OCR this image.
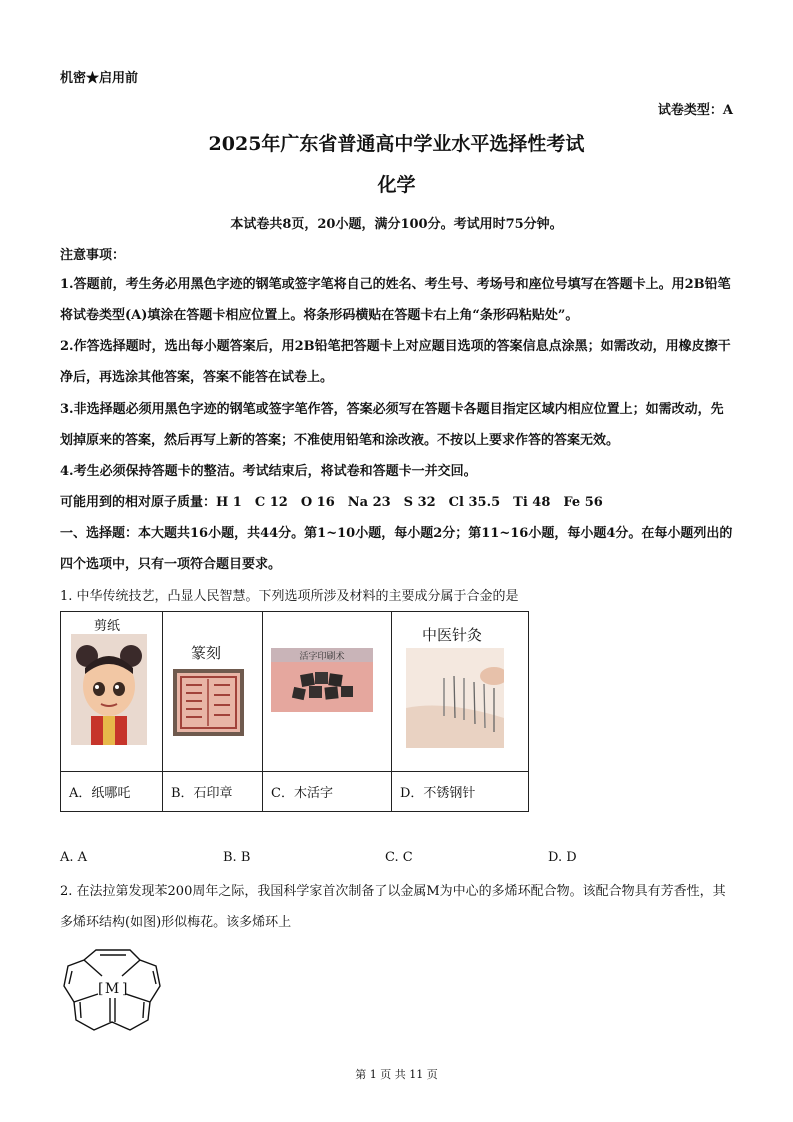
机密★启用前
试卷类型：A
2025年广东省普通高中学业水平选择性考试
化学
本试卷共8页，20小题，满分100分。考试用时75分钟。
注意事项：
1.答题前，考生务必用黑色字迹的钢笔或签字笔将自己的姓名、考生号、考场号和座位号填写在答题卡上。用2B铅笔将试卷类型(A)填涂在答题卡相应位置上。将条形码横贴在答题卡右上角“条形码粘贴处”。
2.作答选择题时，选出每小题答案后，用2B铅笔把答题卡上对应题目选项的答案信息点涂黑；如需改动，用橡皮擦干净后，再选涂其他答案，答案不能答在试卷上。
3.非选择题必须用黑色字迹的钢笔或签字笔作答，答案必须写在答题卡各题目指定区域内相应位置上；如需改动，先划掉原来的答案，然后再写上新的答案；不准使用铅笔和涂改液。不按以上要求作答的答案无效。
4.考生必须保持答题卡的整洁。考试结束后，将试卷和答题卡一并交回。
可能用到的相对原子质量：H 1　C 12　O 16　Na 23　S 32　Cl 35.5　Ti 48　Fe 56
一、选择题：本大题共16小题，共44分。第1~10小题，每小题2分；第11~16小题，每小题4分。在每小题列出的四个选项中，只有一项符合题目要求。
1. 中华传统技艺，凸显人民智慧。下列选项所涉及材料的主要成分属于合金的是
剪纸	篆刻	活字印刷术	中医针灸

A．纸哪吒	B．石印章	C．木活字	D．不锈钢针
A. A	B. B	C. C	D. D
2. 在法拉第发现苯200周年之际，我国科学家首次制备了以金属M为中心的多烯环配合物。该配合物具有芳香性，其多烯环结构(如图)形似梅花。该多烯环上
M
[ ]
第 1 页 共 11 页
